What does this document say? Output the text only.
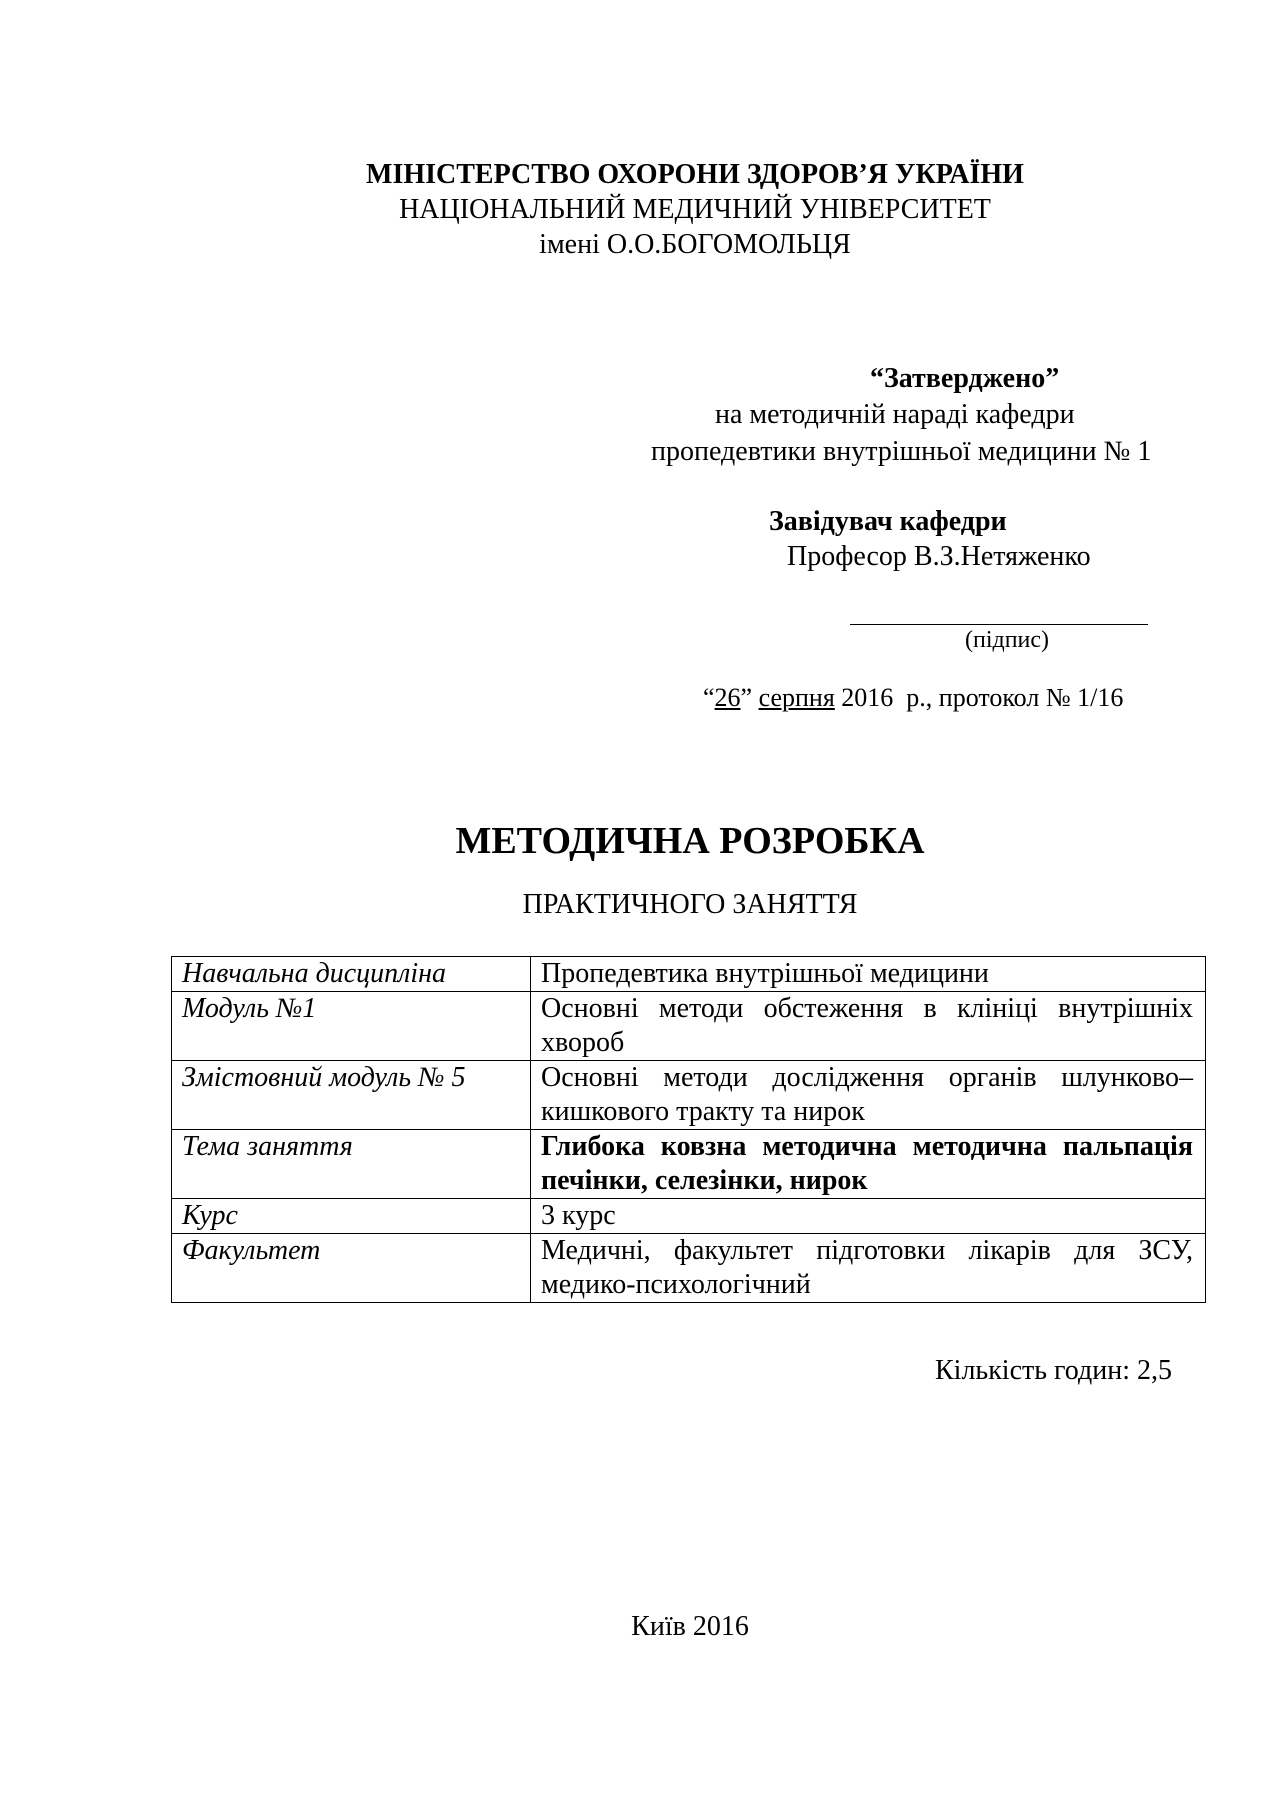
МІНІСТЕРСТВО ОХОРОНИ ЗДОРОВ’Я УКРАЇНИ
НАЦІОНАЛЬНИЙ МЕДИЧНИЙ УНІВЕРСИТЕТ
імені О.О.БОГОМОЛЬЦЯ
“Затверджено”
на методичній нараді кафедри
пропедевтики внутрішньої медицини № 1
Завідувач кафедри
Професор В.З.Нетяженко
(підпис)
“26” серпня 2016  р., протокол № 1/16
МЕТОДИЧНА РОЗРОБКА
ПРАКТИЧНОГО ЗАНЯТТЯ
Навчальна дисципліна	Пропедевтика внутрішньої медицини
Модуль №1	Основні методи обстеження в клініці внутрішніх хвороб
Змістовний модуль № 5	Основні методи дослідження органів шлунково–кишкового тракту та нирок
Тема заняття	Глибока ковзна методична методична пальпація печінки, селезінки, нирок
Курс	3 курс
Факультет	Медичні, факультет підготовки лікарів для ЗСУ, медико-психологічний
Кількість годин: 2,5
Київ 2016
